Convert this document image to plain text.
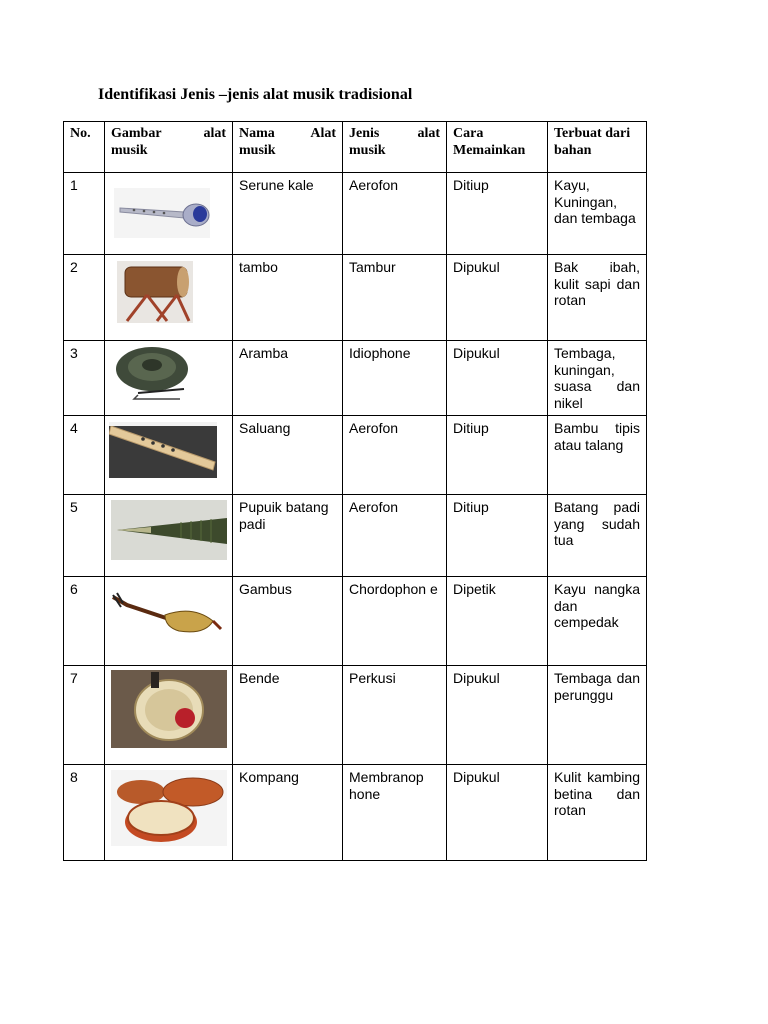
Identifikasi Jenis –jenis alat musik tradisional
No.	Gambar alat musik	Nama Alat musik	Jenis alat musik	Cara Memainkan	Terbuat dari bahan
1		Serune kale	Aerofon	Ditiup	Kayu, Kuningan, dan tembaga
2		tambo	Tambur	Dipukul	Bak ibah, kulit sapi dan rotan
3		Aramba	Idiophone	Dipukul	Tembaga, kuningan, suasa dan nikel
4		Saluang	Aerofon	Ditiup	Bambu tipis atau talang
5		Pupuik batang padi	Aerofon	Ditiup	Batang padi yang sudah tua
6		Gambus	Chordophon e	Dipetik	Kayu nangka dan cempedak
7		Bende	Perkusi	Dipukul	Tembaga dan perunggu
8		Kompang	Membranop hone	Dipukul	Kulit kambing betina dan rotan
